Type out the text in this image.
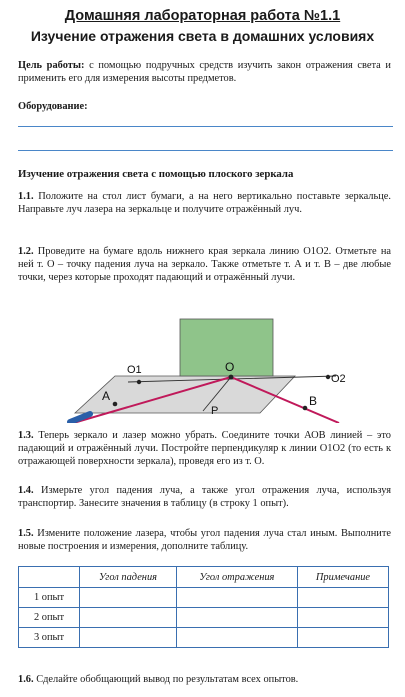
Домашняя лабораторная работа №1.1
Изучение отражения света в домашних условиях
Цель работы: с помощью подручных средств изучить закон отражения света и применить его для измерения высоты предметов.
Оборудование:
Изучение отражения света с помощью плоского зеркала
1.1. Положите на стол лист бумаги, а на него вертикально поставьте зеркальце. Направьте луч лазера на зеркальце и получите отражённый луч.
1.2. Проведите на бумаге вдоль нижнего края зеркала линию O1O2. Отметьте на ней т. О – точку падения луча на зеркало. Также отметьте т. А и т. В – две любые точки, через которые проходят падающий и отражённый лучи.
O1	O
O2
A	B
P
1.3. Теперь зеркало и лазер можно убрать. Соедините точки АОВ линией – это падающий и отражённый лучи. Постройте перпендикуляр к линии O1O2 (то есть к отражающей поверхности зеркала), проведя его из т. О.
1.4. Измерьте угол падения луча, а также угол отражения луча, используя транспортир. Занесите значения в таблицу (в строку 1 опыт).
1.5. Измените положение лазера, чтобы угол падения луча стал иным. Выполните новые построения и измерения, дополните таблицу.
	Угол падения	Угол отражения	Примечание
1 опыт			
2 опыт			
3 опыт			
1.6. Сделайте обобщающий вывод по результатам всех опытов.
